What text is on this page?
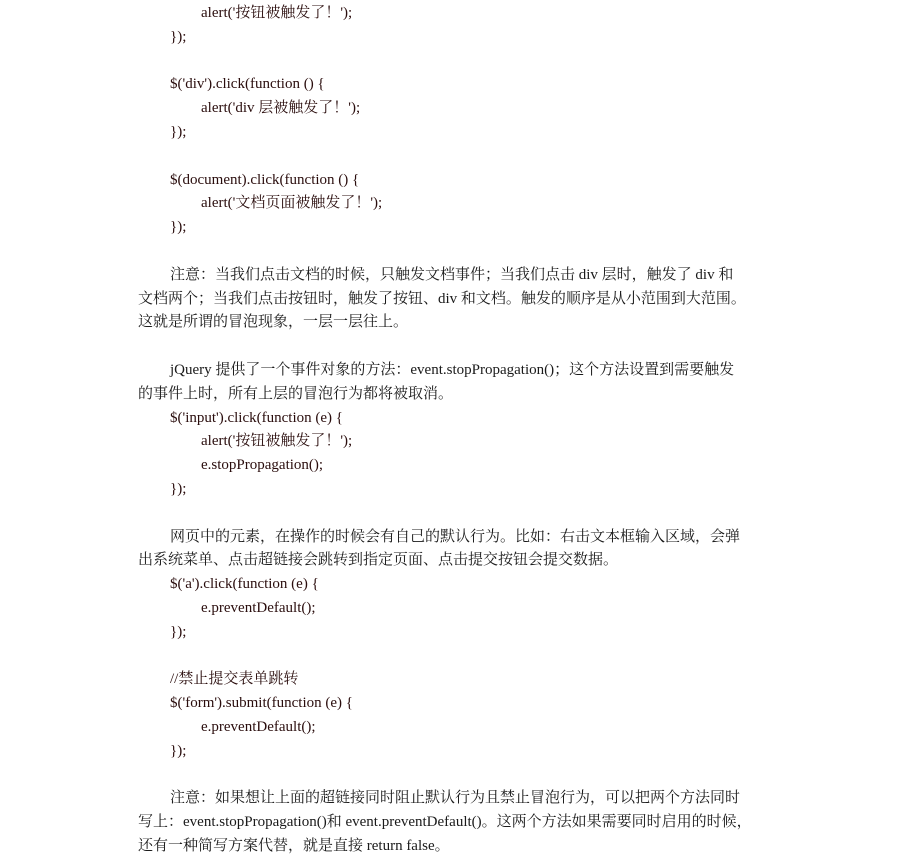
alert('按钮被触发了！');
});
$('div').click(function () {
alert('div 层被触发了！');
});
$(document).click(function () {
alert('文档页面被触发了！');
});
注意：当我们点击文档的时候，只触发文档事件；当我们点击 div 层时，触发了 div 和
文档两个；当我们点击按钮时，触发了按钮、div 和文档。触发的顺序是从小范围到大范围。
这就是所谓的冒泡现象，一层一层往上。
jQuery 提供了一个事件对象的方法：event.stopPropagation()；这个方法设置到需要触发
的事件上时，所有上层的冒泡行为都将被取消。
$('input').click(function (e) {
alert('按钮被触发了！');
e.stopPropagation();
});
网页中的元素，在操作的时候会有自己的默认行为。比如：右击文本框输入区域，会弹
出系统菜单、点击超链接会跳转到指定页面、点击提交按钮会提交数据。
$('a').click(function (e) {
e.preventDefault();
});
//禁止提交表单跳转
$('form').submit(function (e) {
e.preventDefault();
});
注意：如果想让上面的超链接同时阻止默认行为且禁止冒泡行为，可以把两个方法同时
写上：event.stopPropagation()和 event.preventDefault()。这两个方法如果需要同时启用的时候，
还有一种简写方案代替，就是直接 return false。
